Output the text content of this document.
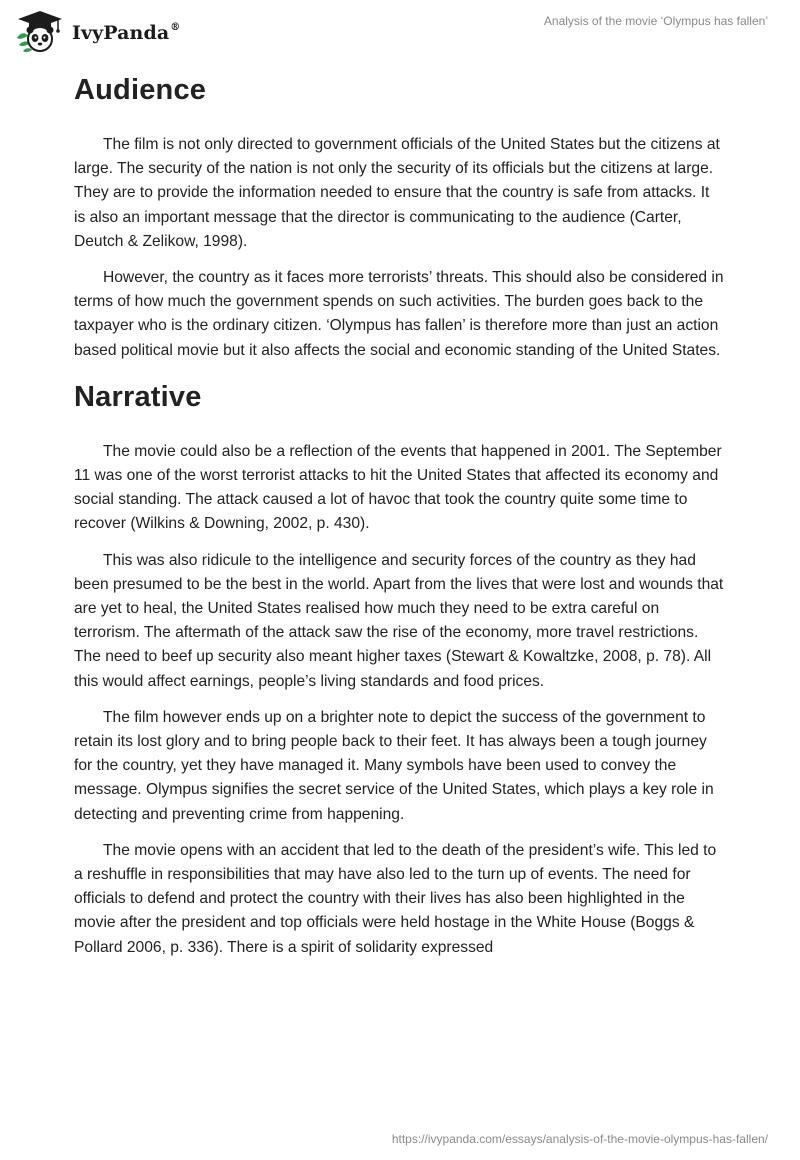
IvyPanda®	Analysis of the movie ‘Olympus has fallen’
Audience

The film is not only directed to government officials of the United States but the citizens at large. The security of the nation is not only the security of its officials but the citizens at large. They are to provide the information needed to ensure that the country is safe from attacks. It is also an important message that the director is communicating to the audience (Carter, Deutch & Zelikow, 1998).

However, the country as it faces more terrorists’ threats. This should also be considered in terms of how much the government spends on such activities. The burden goes back to the taxpayer who is the ordinary citizen. ‘Olympus has fallen’ is therefore more than just an action based political movie but it also affects the social and economic standing of the United States.

Narrative

The movie could also be a reflection of the events that happened in 2001. The September 11 was one of the worst terrorist attacks to hit the United States that affected its economy and social standing. The attack caused a lot of havoc that took the country quite some time to recover (Wilkins & Downing, 2002, p. 430).

This was also ridicule to the intelligence and security forces of the country as they had been presumed to be the best in the world. Apart from the lives that were lost and wounds that are yet to heal, the United States realised how much they need to be extra careful on terrorism. The aftermath of the attack saw the rise of the economy, more travel restrictions. The need to beef up security also meant higher taxes (Stewart & Kowaltzke, 2008, p. 78). All this would affect earnings, people’s living standards and food prices.

The film however ends up on a brighter note to depict the success of the government to retain its lost glory and to bring people back to their feet. It has always been a tough journey for the country, yet they have managed it. Many symbols have been used to convey the message. Olympus signifies the secret service of the United States, which plays a key role in detecting and preventing crime from happening.

The movie opens with an accident that led to the death of the president’s wife. This led to a reshuffle in responsibilities that may have also led to the turn up of events. The need for officials to defend and protect the country with their lives has also been highlighted in the movie after the president and top officials were held hostage in the White House (Boggs & Pollard 2006, p. 336). There is a spirit of solidarity expressed

https://ivypanda.com/essays/analysis-of-the-movie-olympus-has-fallen/
